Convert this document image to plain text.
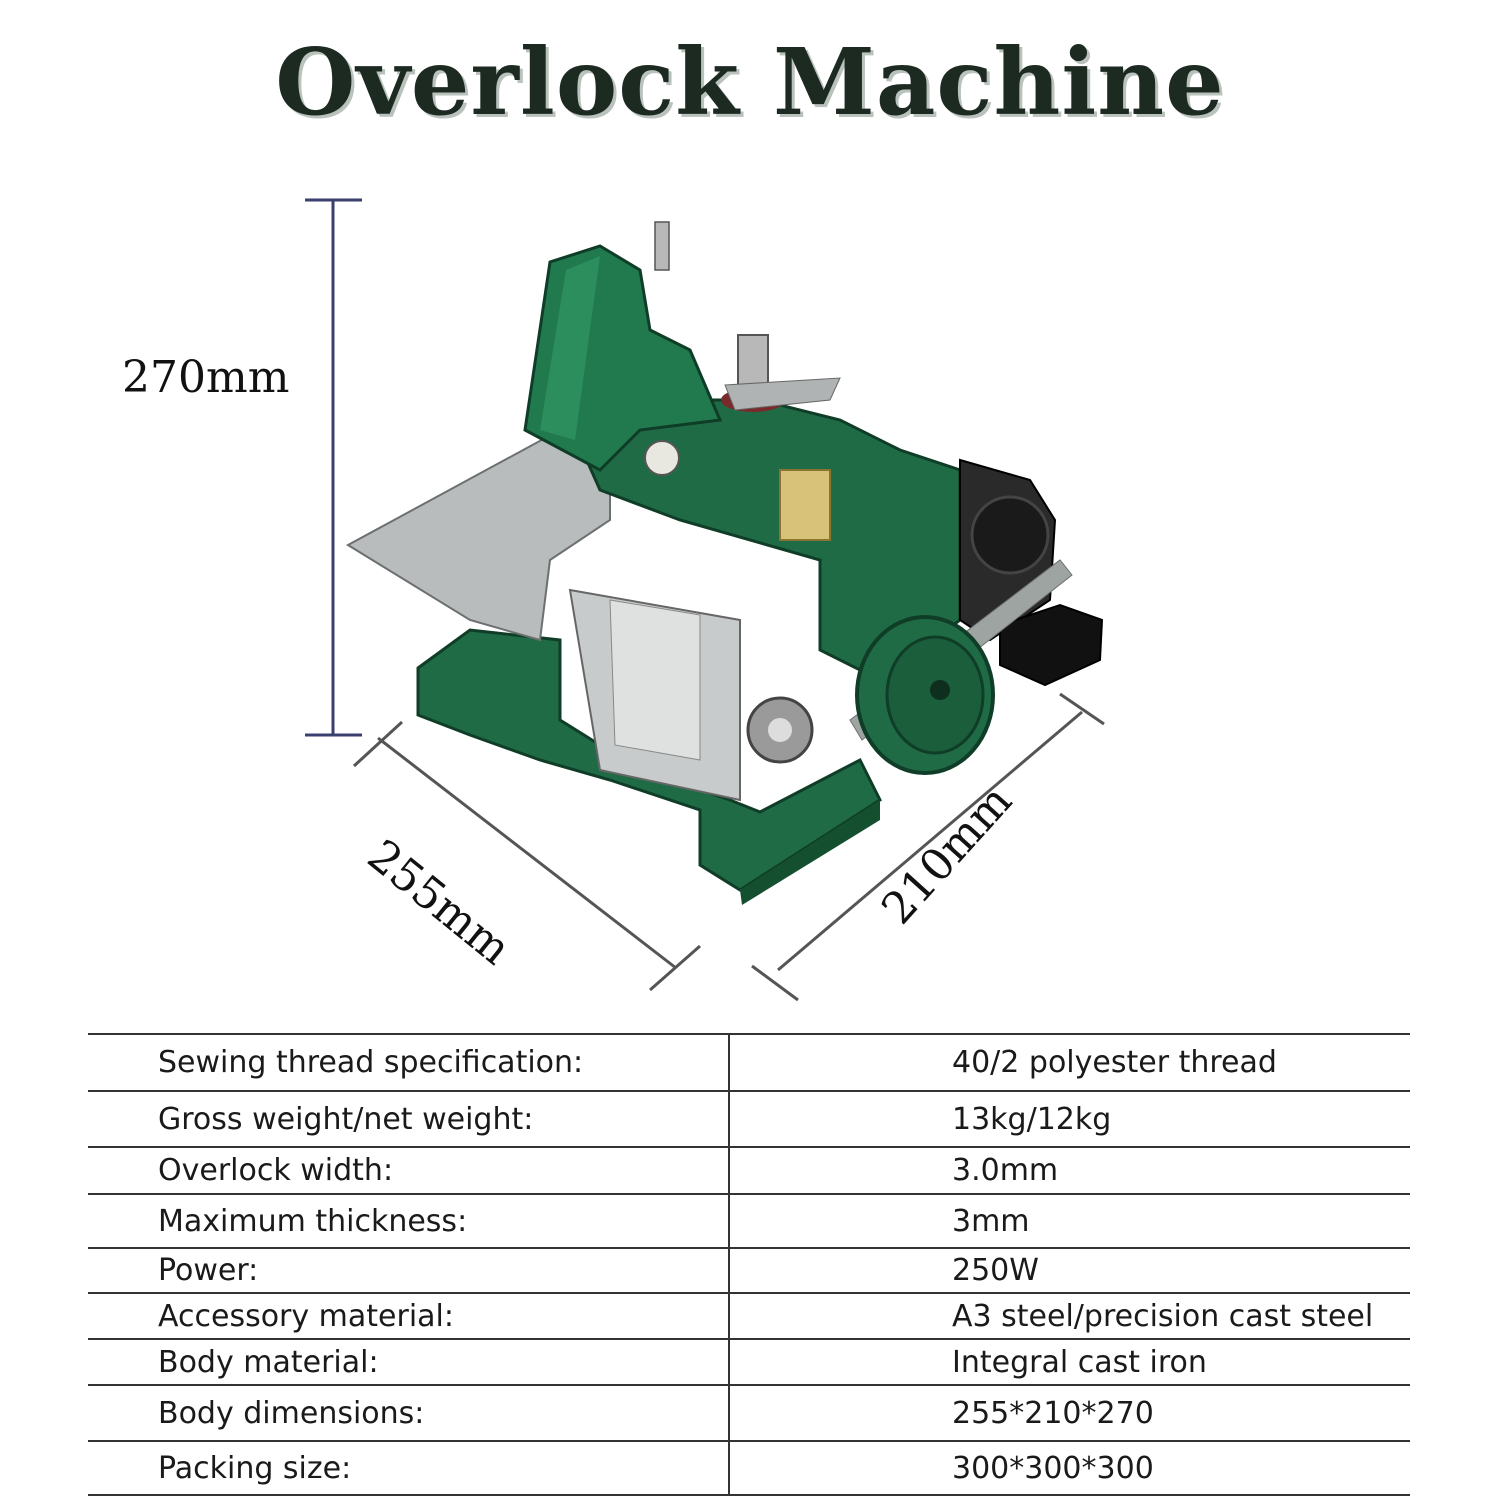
Overlock Machine
270mm
255mm	210mm
Sewing thread specification:	40/2 polyester thread
Gross weight/net weight:	13kg/12kg
Overlock width:	3.0mm
Maximum thickness:	3mm
Power:	250W
Accessory material:	A3 steel/precision cast steel
Body material:	Integral cast iron
Body dimensions:	255*210*270
Packing size:	300*300*300
